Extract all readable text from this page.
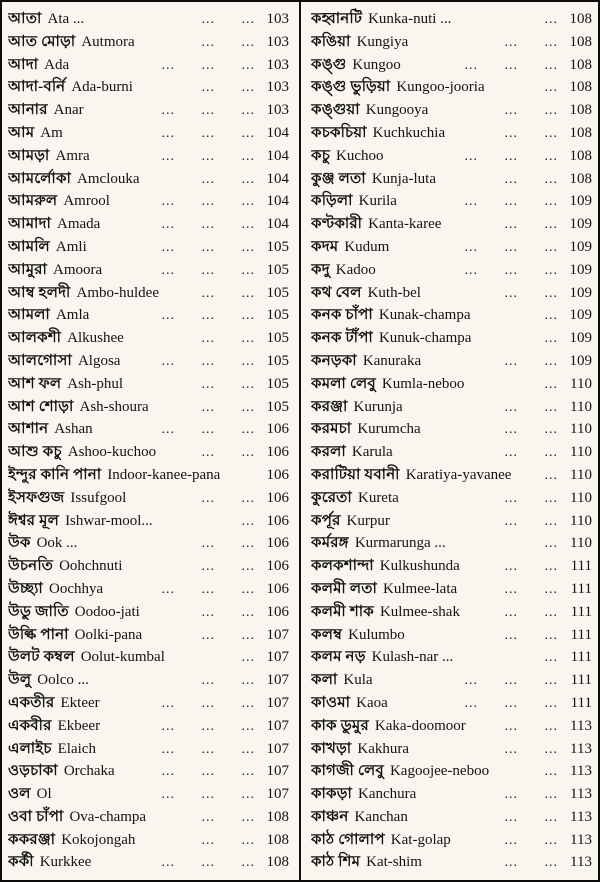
আতা Ata ...	... ... 103
আত মোড়া Autmora	... ... 103
আদা Ada	... ... ... 103
আদা-বর্নি Ada-burni	... ... 103
আনার Anar	... ... ... 103
আম Am	... ... ... 104
আমড়া Amra	... ... ... 104
আমর্লোকা Amclouka	... ... 104
আমরুল Amrool	... ... ... 104
আমাদা Amada	... ... ... 104
আমলি Amli	... ... ... 105
আমুরা Amoora	... ... ... 105
আম্ব হলদী Ambo-huldee	... ... 105
আমলা Amla	... ... ... 105
আলকশী Alkushee	... ... 105
আলগোসা Algosa	... ... ... 105
আশ ফল Ash-phul	... ... 105
আশ শোড়া Ash-shoura	... ... 105
আশান Ashan	... ... ... 106
আশু কচু Ashoo-kuchoo	... ... 106
ইন্দুর কানি পানা Indoor-kanee-pana	106
ইসফগুজ Issufgool	... ... 106
ঈশ্বর মূল Ishwar-mool...	... 106
উক Ook ...	... ... 106
উচনতি Oohchnuti	... ... 106
উচ্ছ্যা Oochhya	... ... ... 106
উডু জাতি Oodoo-jati	... ... 106
উল্কি পানা Oolki-pana	... ... 107
উলট কম্বল Oolut-kumbal	... 107
উলু Oolco ...	... ... 107
একতীর Ekteer	... ... ... 107
একবীর Ekbeer	... ... ... 107
এলাইচ Elaich	... ... ... 107
ওড়চাকা Orchaka	... ... ... 107
ওল Ol	... ... ... 107
ওবা চাঁপা Ova-champa	... ... 108
ককরঞ্জা Kokojongah	... ... 108
কর্কী Kurkkee	... ... ... 108
কহ্বানটি Kunka-nuti ...	... 108
কঙিয়া Kungiya	... ... 108
কঙ্গু Kungoo	... ... ... 108
কঙ্গু ভুড়িয়া Kungoo-jooria	... 108
কঙ্গুয়া Kungooya	... ... 108
কচকচিয়া Kuchkuchia	... ... 108
কচু Kuchoo	... ... ... 108
কুঞ্জ লতা Kunja-luta	... ... 108
কড়িলা Kurila	... ... ... 109
কণ্টকারী Kanta-karee	... ... 109
কদম Kudum	... ... ... 109
কদু Kadoo	... ... ... 109
কথ বেল Kuth-bel	... ... 109
কনক চাঁপা Kunak-champa	... 109
কনক টাঁপা Kunuk-champa	... 109
কনড়কা Kanuraka	... ... 109
কমলা লেবু Kumla-neboo	... 110
করঞ্জা Kurunja	... ... 110
করমচা Kurumcha	... ... 110
করলা Karula	... ... 110
করাটিয়া যবানী Karatiya-yavanee	... 110
কুরেতা Kureta	... ... 110
কর্পূর Kurpur	... ... 110
কর্মরঙ্গ Kurmarunga ...	... 110
কলকশান্দা Kulkushunda	... ... 111
কলমী লতা Kulmee-lata	... ... 111
কলমী শাক Kulmee-shak	... ... 111
কলম্ব Kulumbo	... ... 111
কলম নড় Kulash-nar ...	... 111
কলা Kula	... ... ... 111
কাওমা Kaoa	... ... ... 111
কাক ডুমুর Kaka-doomoor	... ... 113
কাখড়া Kakhura	... ... 113
কাগজী লেবু Kagoojee-neboo	... 113
কাকড়া Kanchura	... ... 113
কাঞ্চন Kanchan	... ... 113
কাঠ গোলাপ Kat-golap	... ... 113
কাঠ শিম Kat-shim	... ... 113
